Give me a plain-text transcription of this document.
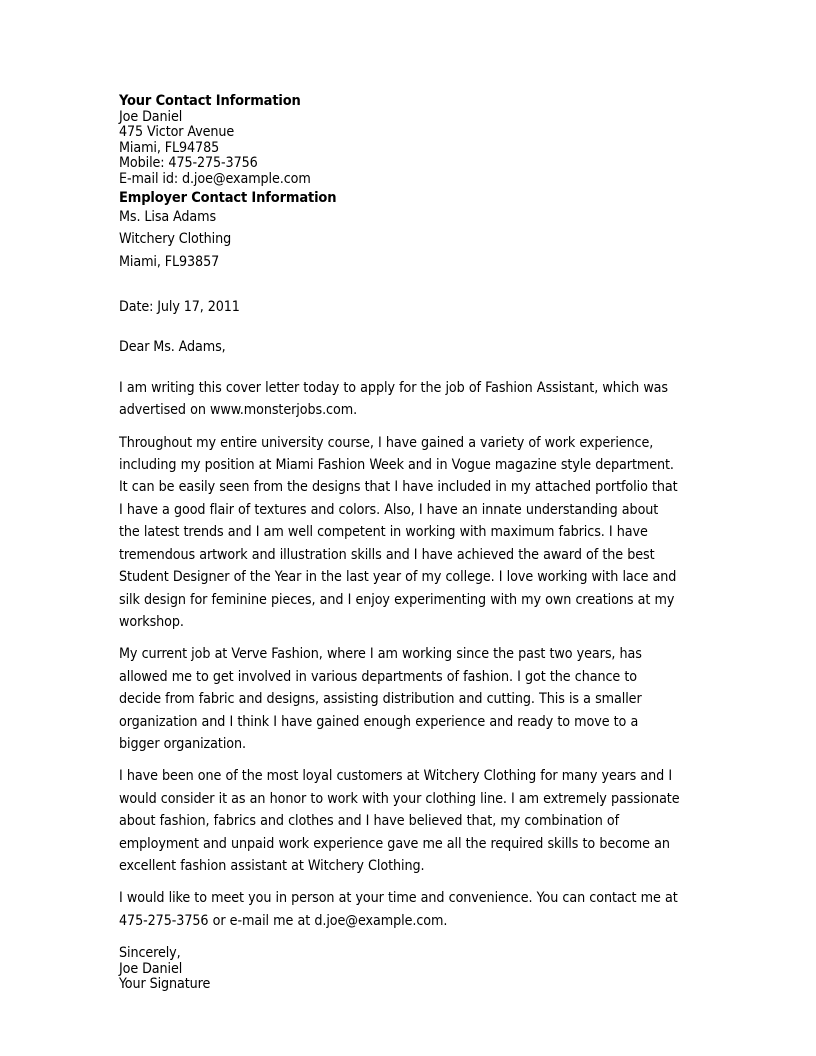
Your Contact Information
Joe Daniel
475 Victor Avenue
Miami, FL94785
Mobile: 475-275-3756
E-mail id: d.joe@example.com
Employer Contact Information
Ms. Lisa Adams
Witchery Clothing
Miami, FL93857
Date: July 17, 2011
Dear Ms. Adams,

I am writing this cover letter today to apply for the job of Fashion Assistant, which was advertised on www.monsterjobs.com.

Throughout my entire university course, I have gained a variety of work experience, including my position at Miami Fashion Week and in Vogue magazine style department. It can be easily seen from the designs that I have included in my attached portfolio that I have a good flair of textures and colors. Also, I have an innate understanding about the latest trends and I am well competent in working with maximum fabrics. I have tremendous artwork and illustration skills and I have achieved the award of the best Student Designer of the Year in the last year of my college. I love working with lace and silk design for feminine pieces, and I enjoy experimenting with my own creations at my workshop.

My current job at Verve Fashion, where I am working since the past two years, has allowed me to get involved in various departments of fashion. I got the chance to decide from fabric and designs, assisting distribution and cutting. This is a smaller organization and I think I have gained enough experience and ready to move to a bigger organization.

I have been one of the most loyal customers at Witchery Clothing for many years and I would consider it as an honor to work with your clothing line. I am extremely passionate about fashion, fabrics and clothes and I have believed that, my combination of employment and unpaid work experience gave me all the required skills to become an excellent fashion assistant at Witchery Clothing.

I would like to meet you in person at your time and convenience. You can contact me at 475-275-3756 or e-mail me at d.joe@example.com.

Sincerely,
Joe Daniel
Your Signature
